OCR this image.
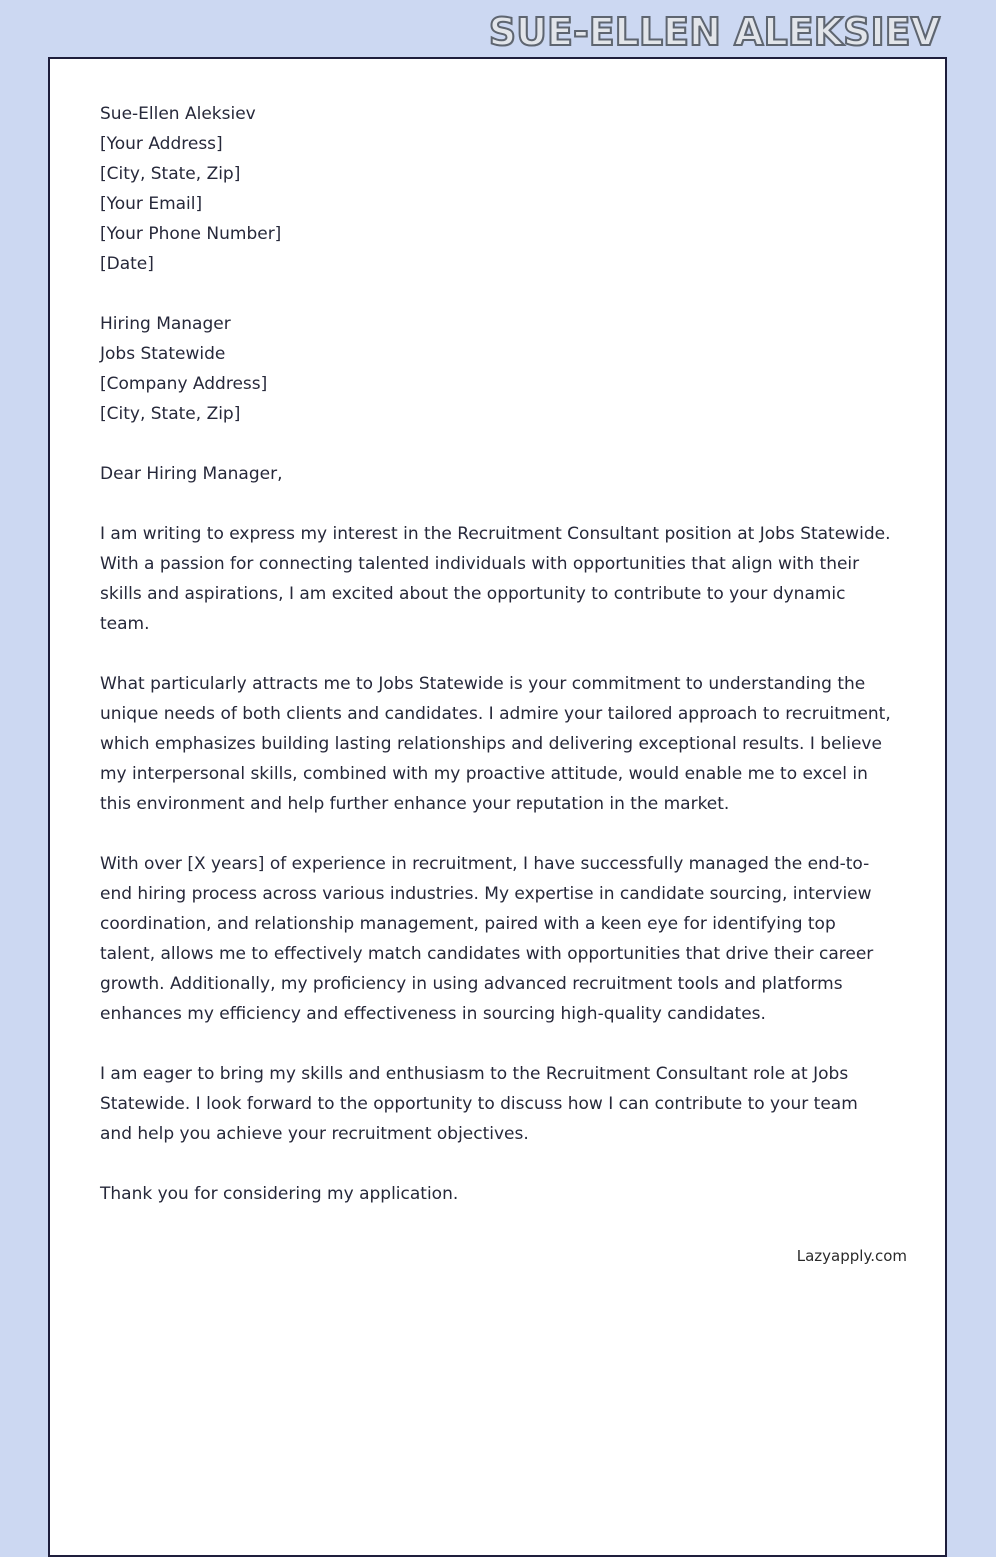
SUE-ELLEN ALEKSIEV
Sue-Ellen Aleksiev
[Your Address]
[City, State, Zip]
[Your Email]
[Your Phone Number]
[Date]
Hiring Manager
Jobs Statewide
[Company Address]
[City, State, Zip]
Dear Hiring Manager,

I am writing to express my interest in the Recruitment Consultant position at Jobs Statewide. With a passion for connecting talented individuals with opportunities that align with their skills and aspirations, I am excited about the opportunity to contribute to your dynamic team.

What particularly attracts me to Jobs Statewide is your commitment to understanding the unique needs of both clients and candidates. I admire your tailored approach to recruitment, which emphasizes building lasting relationships and delivering exceptional results. I believe my interpersonal skills, combined with my proactive attitude, would enable me to excel in this environment and help further enhance your reputation in the market.

With over [X years] of experience in recruitment, I have successfully managed the end-to-end hiring process across various industries. My expertise in candidate sourcing, interview coordination, and relationship management, paired with a keen eye for identifying top talent, allows me to effectively match candidates with opportunities that drive their career growth. Additionally, my proficiency in using advanced recruitment tools and platforms enhances my efficiency and effectiveness in sourcing high-quality candidates.

I am eager to bring my skills and enthusiasm to the Recruitment Consultant role at Jobs Statewide. I look forward to the opportunity to discuss how I can contribute to your team and help you achieve your recruitment objectives.

Thank you for considering my application.

Lazyapply.com
